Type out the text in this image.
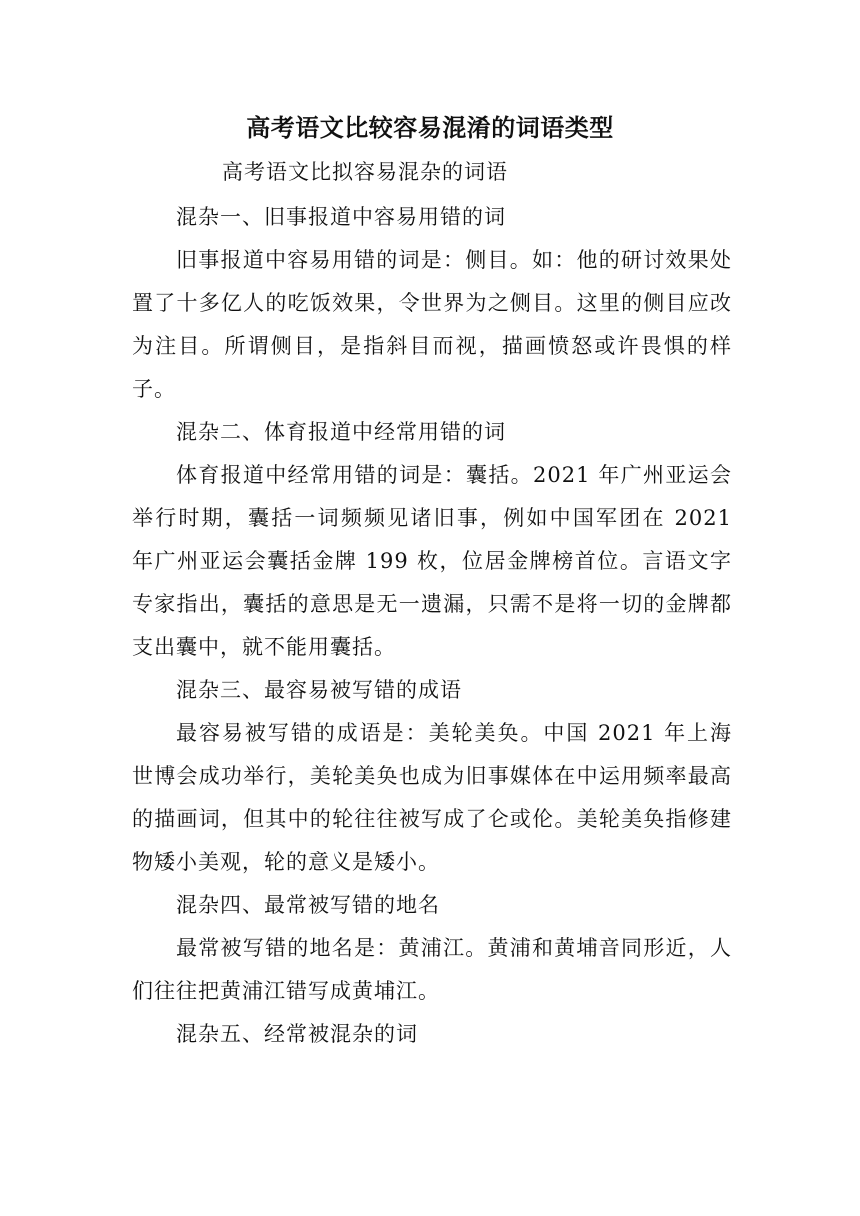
高考语文比较容易混淆的词语类型
高考语文比拟容易混杂的词语

混杂一、旧事报道中容易用错的词

旧事报道中容易用错的词是：侧目。如：他的研讨效果处置了十多亿人的吃饭效果，令世界为之侧目。这里的侧目应改为注目。所谓侧目，是指斜目而视，描画愤怒或许畏惧的样子。

混杂二、体育报道中经常用错的词

体育报道中经常用错的词是：囊括。2021 年广州亚运会举行时期，囊括一词频频见诸旧事，例如中国军团在 2021 年广州亚运会囊括金牌 199 枚，位居金牌榜首位。言语文字专家指出，囊括的意思是无一遗漏，只需不是将一切的金牌都支出囊中，就不能用囊括。

混杂三、最容易被写错的成语

最容易被写错的成语是：美轮美奂。中国 2021 年上海世博会成功举行，美轮美奂也成为旧事媒体在中运用频率最高的描画词，但其中的轮往往被写成了仑或伦。美轮美奂指修建物矮小美观，轮的意义是矮小。

混杂四、最常被写错的地名

最常被写错的地名是：黄浦江。黄浦和黄埔音同形近，人们往往把黄浦江错写成黄埔江。

混杂五、经常被混杂的词
